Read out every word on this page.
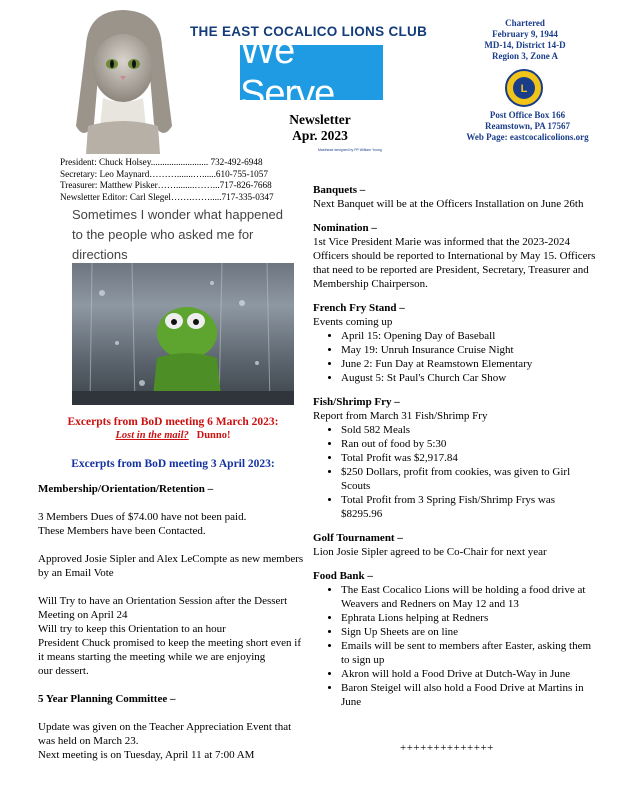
THE EAST COCALICO LIONS CLUB
We Serve
Newsletter
Apr. 2023
Masthead designed by PP William Young
Chartered
February 9, 1944
MD-14, District 14-D
Region 3, Zone A
L
Post Office Box 166
Reamstown, PA 17567
Web Page: eastcocalicolions.org
President: Chuck Holsey......................... 732-492-6948
Secretary: Leo Maynard……….......…......610-755-1057
Treasurer: Matthew Pisker……........……...717-826-7668
Newsletter Editor: Carl Slegel…….…….....717-335-0347
Sometimes I wonder what happened to the people who asked me for directions
Excerpts from BoD meeting 6 March 2023:
Lost in the mail? Dunno!
Excerpts from BoD meeting 3 April 2023:

Membership/Orientation/Retention –

3 Members Dues of $74.00 have not been paid.

These Members have been Contacted.

Approved Josie Sipler and Alex LeCompte as new members by an Email Vote

Will Try to have an Orientation Session after the Dessert Meeting on April 24

Will try to keep this Orientation to an hour

President Chuck promised to keep the meeting short even if it means starting the meeting while we are enjoying

our dessert.

5 Year Planning Committee –

Update was given on the Teacher Appreciation Event that was held on March 23.

Next meeting is on Tuesday, April 11 at 7:00 AM

Banquets –

Next Banquet will be at the Officers Installation on June 26th

Nomination –

1st Vice President Marie was informed that the 2023-2024 Officers should be reported to International by May 15. Officers that need to be reported are President, Secretary, Treasurer and Membership Chairperson.

French Fry Stand –

Events coming up

• April 15: Opening Day of Baseball
• May 19: Unruh Insurance Cruise Night
• June 2: Fun Day at Reamstown Elementary
• August 5: St Paul's Church Car Show

Fish/Shrimp Fry –

Report from March 31 Fish/Shrimp Fry

• Sold 582 Meals
• Ran out of food by 5:30
• Total Profit was $2,917.84
• $250 Dollars, profit from cookies, was given to Girl Scouts
• Total Profit from 3 Spring Fish/Shrimp Frys was $8295.96

Golf Tournament –

Lion Josie Sipler agreed to be Co-Chair for next year

Food Bank –

• The East Cocalico Lions will be holding a food drive at Weavers and Redners on May 12 and 13
• Ephrata Lions helping at Redners
• Sign Up Sheets are on line
• Emails will be sent to members after Easter, asking them to sign up
• Akron will hold a Food Drive at Dutch-Way in June
• Baron Steigel will also hold a Food Drive at Martins in June
++++++++++++++
